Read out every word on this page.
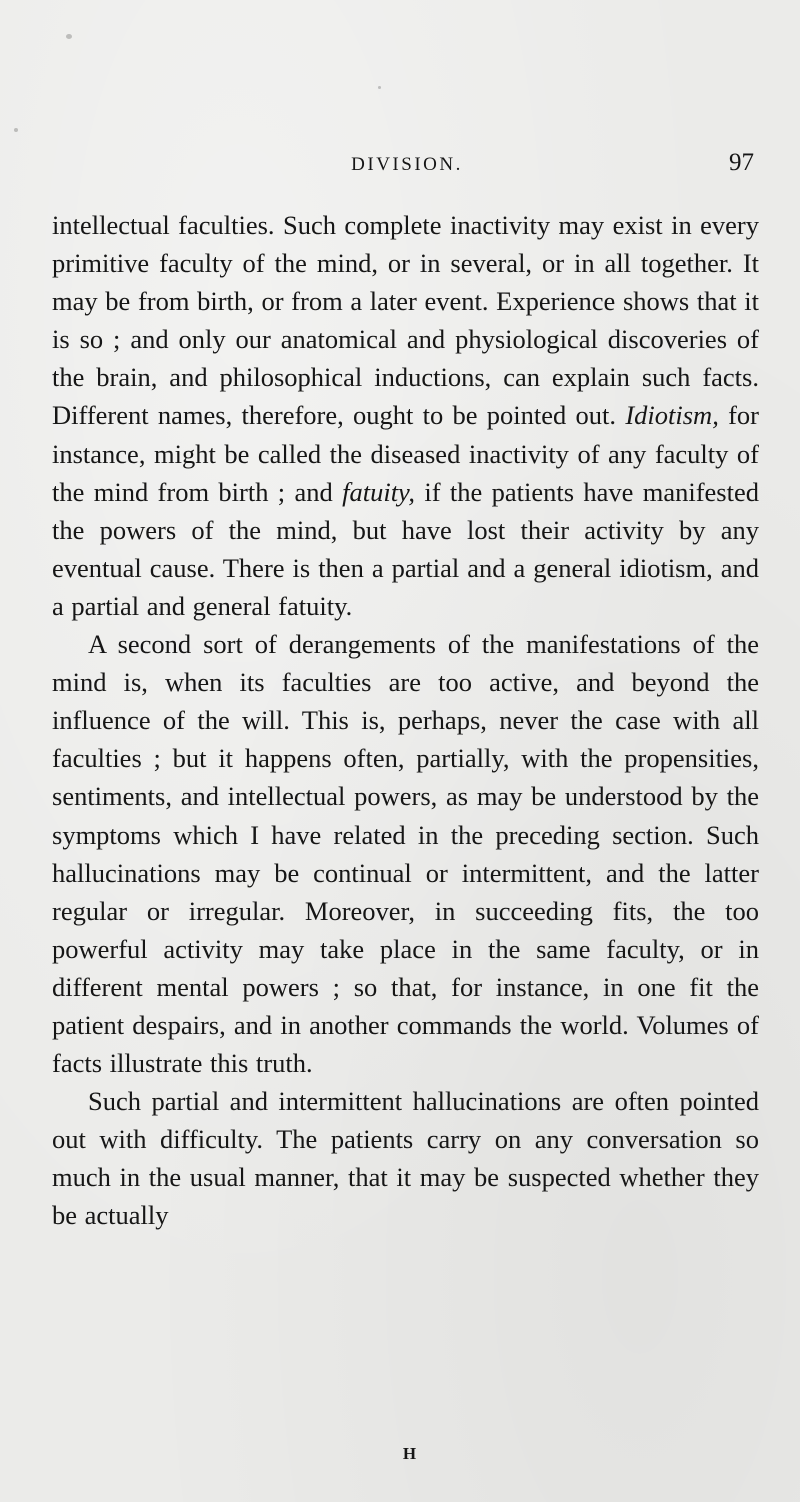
DIVISION.	97

intellectual faculties. Such complete inactivity may exist in every primitive faculty of the mind, or in several, or in all together. It may be from birth, or from a later event. Experience shows that it is so ; and only our anatomical and physiological discoveries of the brain, and philosophical inductions, can explain such facts. Different names, therefore, ought to be pointed out. Idiotism, for instance, might be called the diseased inactivity of any faculty of the mind from birth ; and fatuity, if the patients have manifested the powers of the mind, but have lost their activity by any eventual cause. There is then a partial and a general idiotism, and a partial and general fatuity.

A second sort of derangements of the manifestations of the mind is, when its faculties are too active, and beyond the influence of the will. This is, perhaps, never the case with all faculties ; but it happens often, partially, with the propensities, sentiments, and intellectual powers, as may be understood by the symptoms which I have related in the preceding section. Such hallucinations may be continual or intermittent, and the latter regular or irregular. Moreover, in succeeding fits, the too powerful activity may take place in the same faculty, or in different mental powers ; so that, for instance, in one fit the patient despairs, and in another commands the world. Volumes of facts illustrate this truth.

Such partial and intermittent hallucinations are often pointed out with difficulty. The patients carry on any conversation so much in the usual manner, that it may be suspected whether they be actually

H
